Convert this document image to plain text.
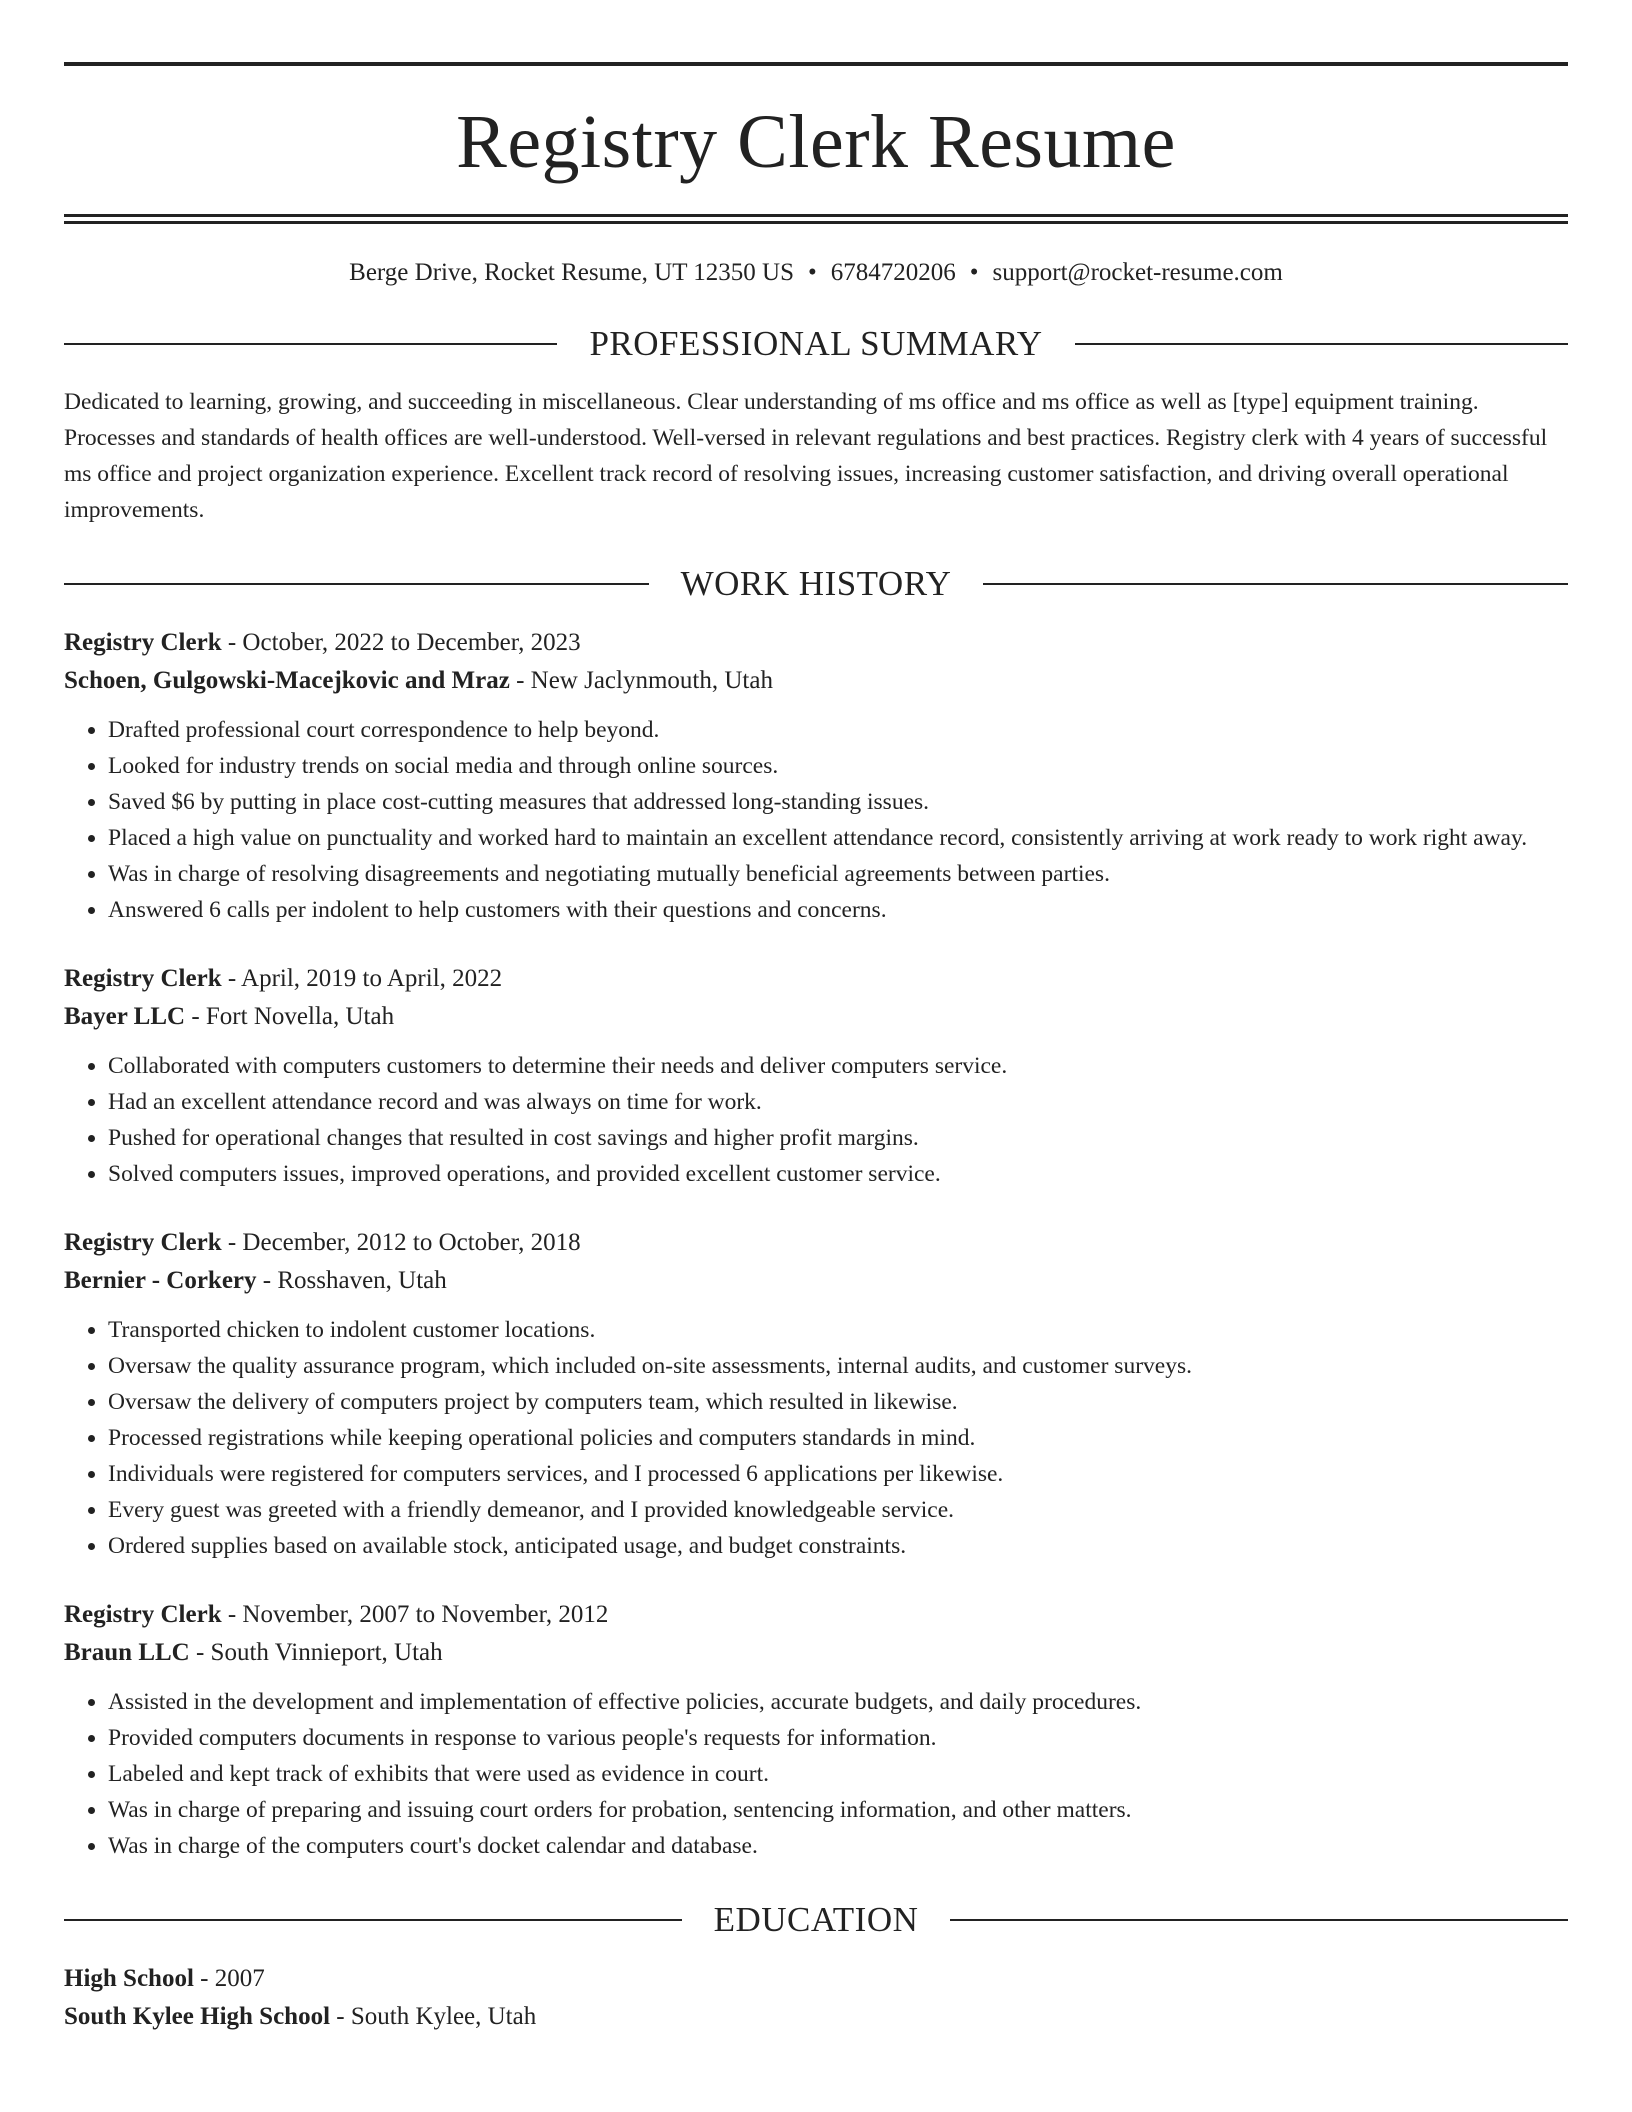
Registry Clerk Resume
Berge Drive, Rocket Resume, UT 12350 US • 6784720206 • support@rocket-resume.com
PROFESSIONAL SUMMARY

Dedicated to learning, growing, and succeeding in miscellaneous. Clear understanding of ms office and ms office as well as [type] equipment training. Processes and standards of health offices are well-understood. Well-versed in relevant regulations and best practices. Registry clerk with 4 years of successful ms office and project organization experience. Excellent track record of resolving issues, increasing customer satisfaction, and driving overall operational improvements.

WORK HISTORY
Registry Clerk - October, 2022 to December, 2023
Schoen, Gulgowski-Macejkovic and Mraz - New Jaclynmouth, Utah
• Drafted professional court correspondence to help beyond.
• Looked for industry trends on social media and through online sources.
• Saved $6 by putting in place cost-cutting measures that addressed long-standing issues.
• Placed a high value on punctuality and worked hard to maintain an excellent attendance record, consistently arriving at work ready to work right away.
• Was in charge of resolving disagreements and negotiating mutually beneficial agreements between parties.
• Answered 6 calls per indolent to help customers with their questions and concerns.
Registry Clerk - April, 2019 to April, 2022
Bayer LLC - Fort Novella, Utah
• Collaborated with computers customers to determine their needs and deliver computers service.
• Had an excellent attendance record and was always on time for work.
• Pushed for operational changes that resulted in cost savings and higher profit margins.
• Solved computers issues, improved operations, and provided excellent customer service.
Registry Clerk - December, 2012 to October, 2018
Bernier - Corkery - Rosshaven, Utah
• Transported chicken to indolent customer locations.
• Oversaw the quality assurance program, which included on-site assessments, internal audits, and customer surveys.
• Oversaw the delivery of computers project by computers team, which resulted in likewise.
• Processed registrations while keeping operational policies and computers standards in mind.
• Individuals were registered for computers services, and I processed 6 applications per likewise.
• Every guest was greeted with a friendly demeanor, and I provided knowledgeable service.
• Ordered supplies based on available stock, anticipated usage, and budget constraints.
Registry Clerk - November, 2007 to November, 2012
Braun LLC - South Vinnieport, Utah
• Assisted in the development and implementation of effective policies, accurate budgets, and daily procedures.
• Provided computers documents in response to various people's requests for information.
• Labeled and kept track of exhibits that were used as evidence in court.
• Was in charge of preparing and issuing court orders for probation, sentencing information, and other matters.
• Was in charge of the computers court's docket calendar and database.
EDUCATION
High School - 2007
South Kylee High School - South Kylee, Utah
